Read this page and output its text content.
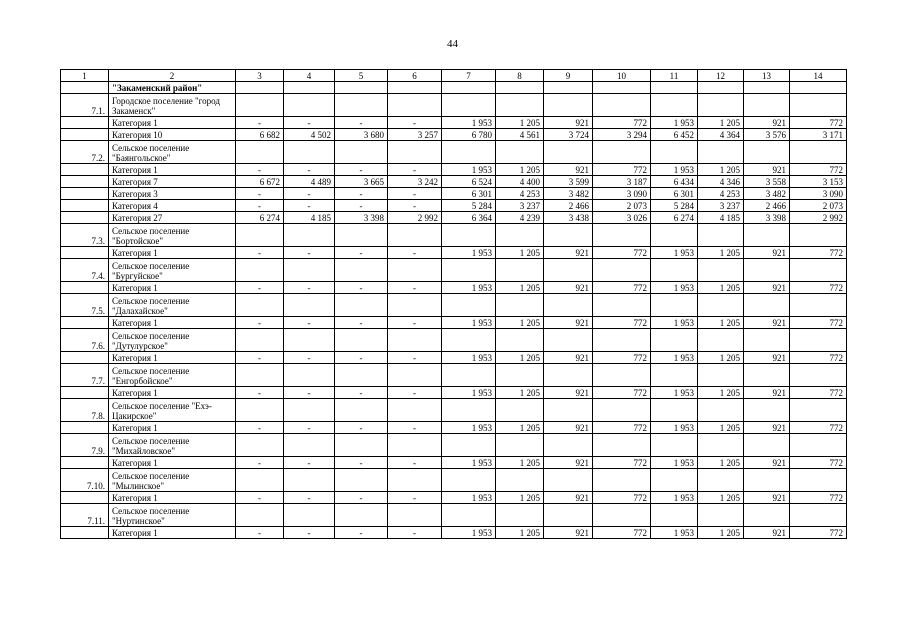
44
1	2	3	4	5	6	7	8	9	10	11	12	13	14
	"Закаменский район"												
7.1.	Городское поселение "город Закаменск"												
	Категория 1	-	-	-	-	1 953	1 205	921	772	1 953	1 205	921	772
	Категория 10	6 682	4 502	3 680	3 257	6 780	4 561	3 724	3 294	6 452	4 364	3 576	3 171
7.2.	Сельское поселение "Баянгольское"												
	Категория 1	-	-	-	-	1 953	1 205	921	772	1 953	1 205	921	772
	Категория 7	6 672	4 489	3 665	3 242	6 524	4 400	3 599	3 187	6 434	4 346	3 558	3 153
	Категория 3	-	-	-	-	6 301	4 253	3 482	3 090	6 301	4 253	3 482	3 090
	Категория 4	-	-	-	-	5 284	3 237	2 466	2 073	5 284	3 237	2 466	2 073
	Категория 27	6 274	4 185	3 398	2 992	6 364	4 239	3 438	3 026	6 274	4 185	3 398	2 992
7.3.	Сельское поселение "Бортойское"												
	Категория 1	-	-	-	-	1 953	1 205	921	772	1 953	1 205	921	772
7.4.	Сельское поселение "Бургуйское"												
	Категория 1	-	-	-	-	1 953	1 205	921	772	1 953	1 205	921	772
7.5.	Сельское поселение "Далахайское"												
	Категория 1	-	-	-	-	1 953	1 205	921	772	1 953	1 205	921	772
7.6.	Сельское поселение "Дутулурское"												
	Категория 1	-	-	-	-	1 953	1 205	921	772	1 953	1 205	921	772
7.7.	Сельское поселение "Енгорбойское"												
	Категория 1	-	-	-	-	1 953	1 205	921	772	1 953	1 205	921	772
7.8.	Сельское поселение "Ехэ-Цакирское"												
	Категория 1	-	-	-	-	1 953	1 205	921	772	1 953	1 205	921	772
7.9.	Сельское поселение "Михайловское"												
	Категория 1	-	-	-	-	1 953	1 205	921	772	1 953	1 205	921	772
7.10.	Сельское поселение "Мылинское"												
	Категория 1	-	-	-	-	1 953	1 205	921	772	1 953	1 205	921	772
7.11.	Сельское поселение "Нуртинское"												
	Категория 1	-	-	-	-	1 953	1 205	921	772	1 953	1 205	921	772
